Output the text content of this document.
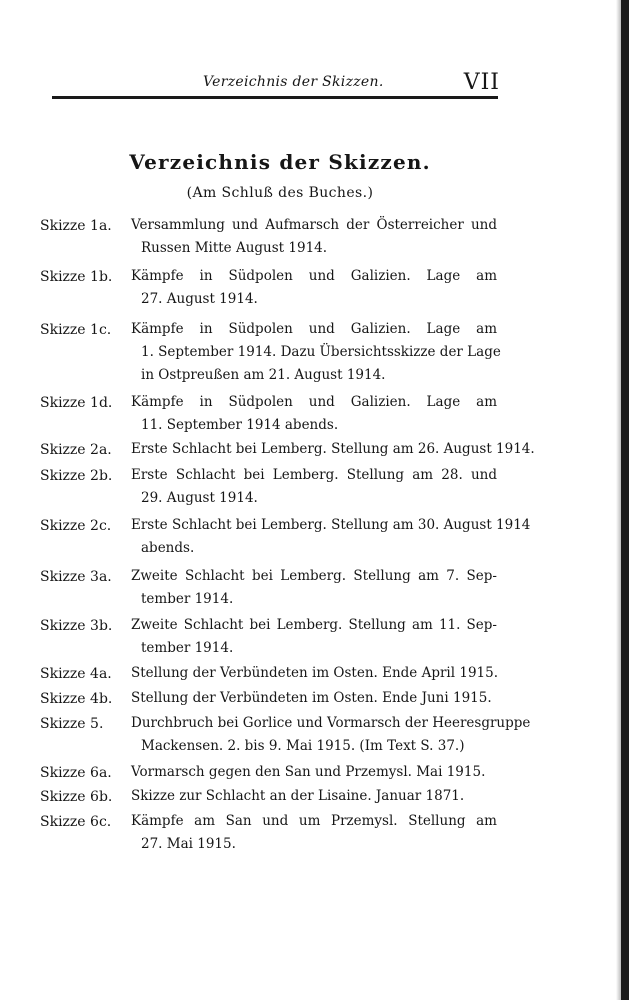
Verzeichnis der Skizzen.	VII
Verzeichnis der Skizzen.
(Am Schluß des Buches.)
Skizze 1a.	Versammlung und Aufmarsch der Österreicher und
Russen Mitte August 1914.
Skizze 1b.	Kämpfe in Südpolen und Galizien. Lage am
27. August 1914.
Skizze 1c.	Kämpfe in Südpolen und Galizien. Lage am
1. September 1914. Dazu Übersichtsskizze der Lage
in Ostpreußen am 21. August 1914.
Skizze 1d.	Kämpfe in Südpolen und Galizien. Lage am
11. September 1914 abends.
Skizze 2a.	Erste Schlacht bei Lemberg. Stellung am 26. August 1914.
Skizze 2b.	Erste Schlacht bei Lemberg. Stellung am 28. und
29. August 1914.
Skizze 2c.	Erste Schlacht bei Lemberg. Stellung am 30. August 1914
abends.
Skizze 3a.	Zweite Schlacht bei Lemberg. Stellung am 7. Sep-
tember 1914.
Skizze 3b.	Zweite Schlacht bei Lemberg. Stellung am 11. Sep-
tember 1914.
Skizze 4a.	Stellung der Verbündeten im Osten. Ende April 1915.
Skizze 4b.	Stellung der Verbündeten im Osten. Ende Juni 1915.
Skizze 5.	Durchbruch bei Gorlice und Vormarsch der Heeresgruppe
Mackensen. 2. bis 9. Mai 1915. (Im Text S. 37.)
Skizze 6a.	Vormarsch gegen den San und Przemysl. Mai 1915.
Skizze 6b.	Skizze zur Schlacht an der Lisaine. Januar 1871.
Skizze 6c.	Kämpfe am San und um Przemysl. Stellung am
27. Mai 1915.
